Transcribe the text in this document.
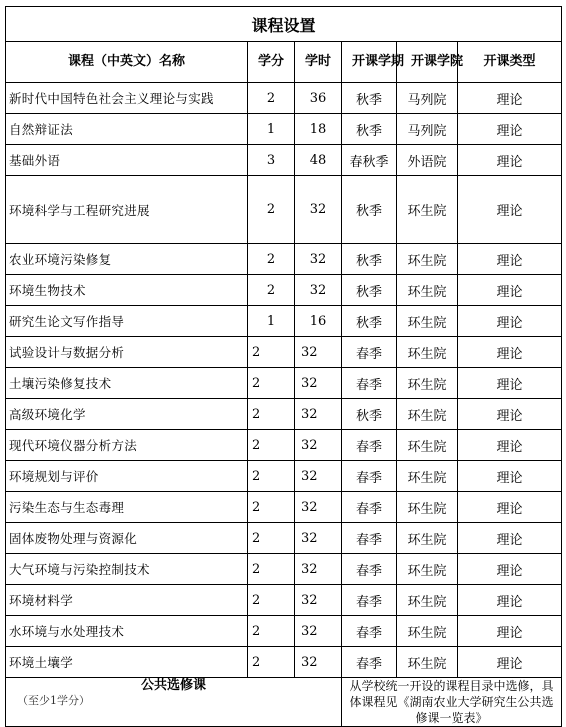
课程设置					
课程（中英文）名称	学分	学时	开课学期	开课学院	开课类型
新时代中国特色社会主义理论与实践	2	36	秋季	马列院	理论
自然辩证法	1	18	秋季	马列院	理论
基础外语	3	48	春秋季	外语院	理论
环境科学与工程研究进展	2	32	秋季	环生院	理论
农业环境污染修复	2	32	秋季	环生院	理论
环境生物技术	2	32	秋季	环生院	理论
研究生论文写作指导	1	16	秋季	环生院	理论
试验设计与数据分析	2	32	春季	环生院	理论
土壤污染修复技术	2	32	春季	环生院	理论
高级环境化学	2	32	秋季	环生院	理论
现代环境仪器分析方法	2	32	春季	环生院	理论
环境规划与评价	2	32	春季	环生院	理论
污染生态与生态毒理	2	32	春季	环生院	理论
固体废物处理与资源化	2	32	春季	环生院	理论
大气环境与污染控制技术	2	32	春季	环生院	理论
环境材料学	2	32	春季	环生院	理论
水环境与水处理技术	2	32	春季	环生院	理论
环境土壤学	2	32	春季	环生院	理论

公共选修课
（至少1学分）			从学校统一开设的课程目录中选修，具体课程见《湖南农业大学研究生公共选修课一览表》		
